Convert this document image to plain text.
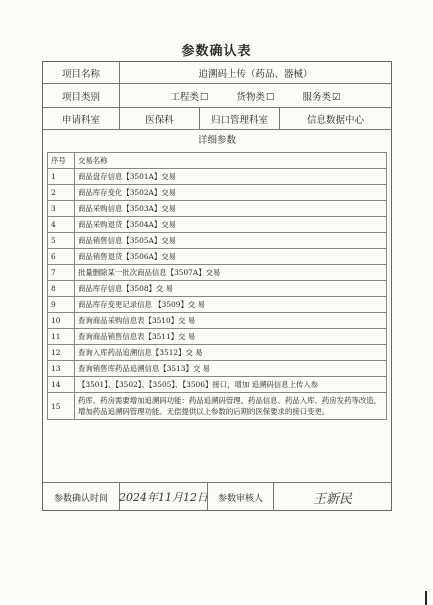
参数确认表
项目名称	追溯码上传（药品、器械）
项目类别	工程类☐	货物类☐	服务类☑
申请科室	医保科	归口管理科室	信息数据中心
详细参数
序号	交易名称
1	商品盘存信息【3501A】交易
2	商品库存变化【3502A】交易
3	商品采购信息【3503A】交易
4	商品采购退货【3504A】交易
5	商品销售信息【3505A】交易
6	商品销售退货【3506A】交易
7	批量删除某一批次商品信息【3507A】交易
8	商品库存信息【3508】交 易
9	商品库存变更记录信息 【3509】交 易
10	查询商品采购信息表【3510】交 易
11	查询商品销售信息表【3511】交 易
12	查询入库药品追溯信息【3512】交 易
13	查询销售库药品追溯信息【3513】交 易
14	【3501】、【3502】、【3505】、【3506】接口，增加 追溯码信息上传入参
15	药库、药房需要增加追溯码功能：药品追溯码管理、药品信息、药品入库、药房发药等改造，增加药品追溯码管理功能。无偿提供以上参数的后期的医保要求的接口变更。
参数确认时间	2024年11月12日	参数审核人	王新民
